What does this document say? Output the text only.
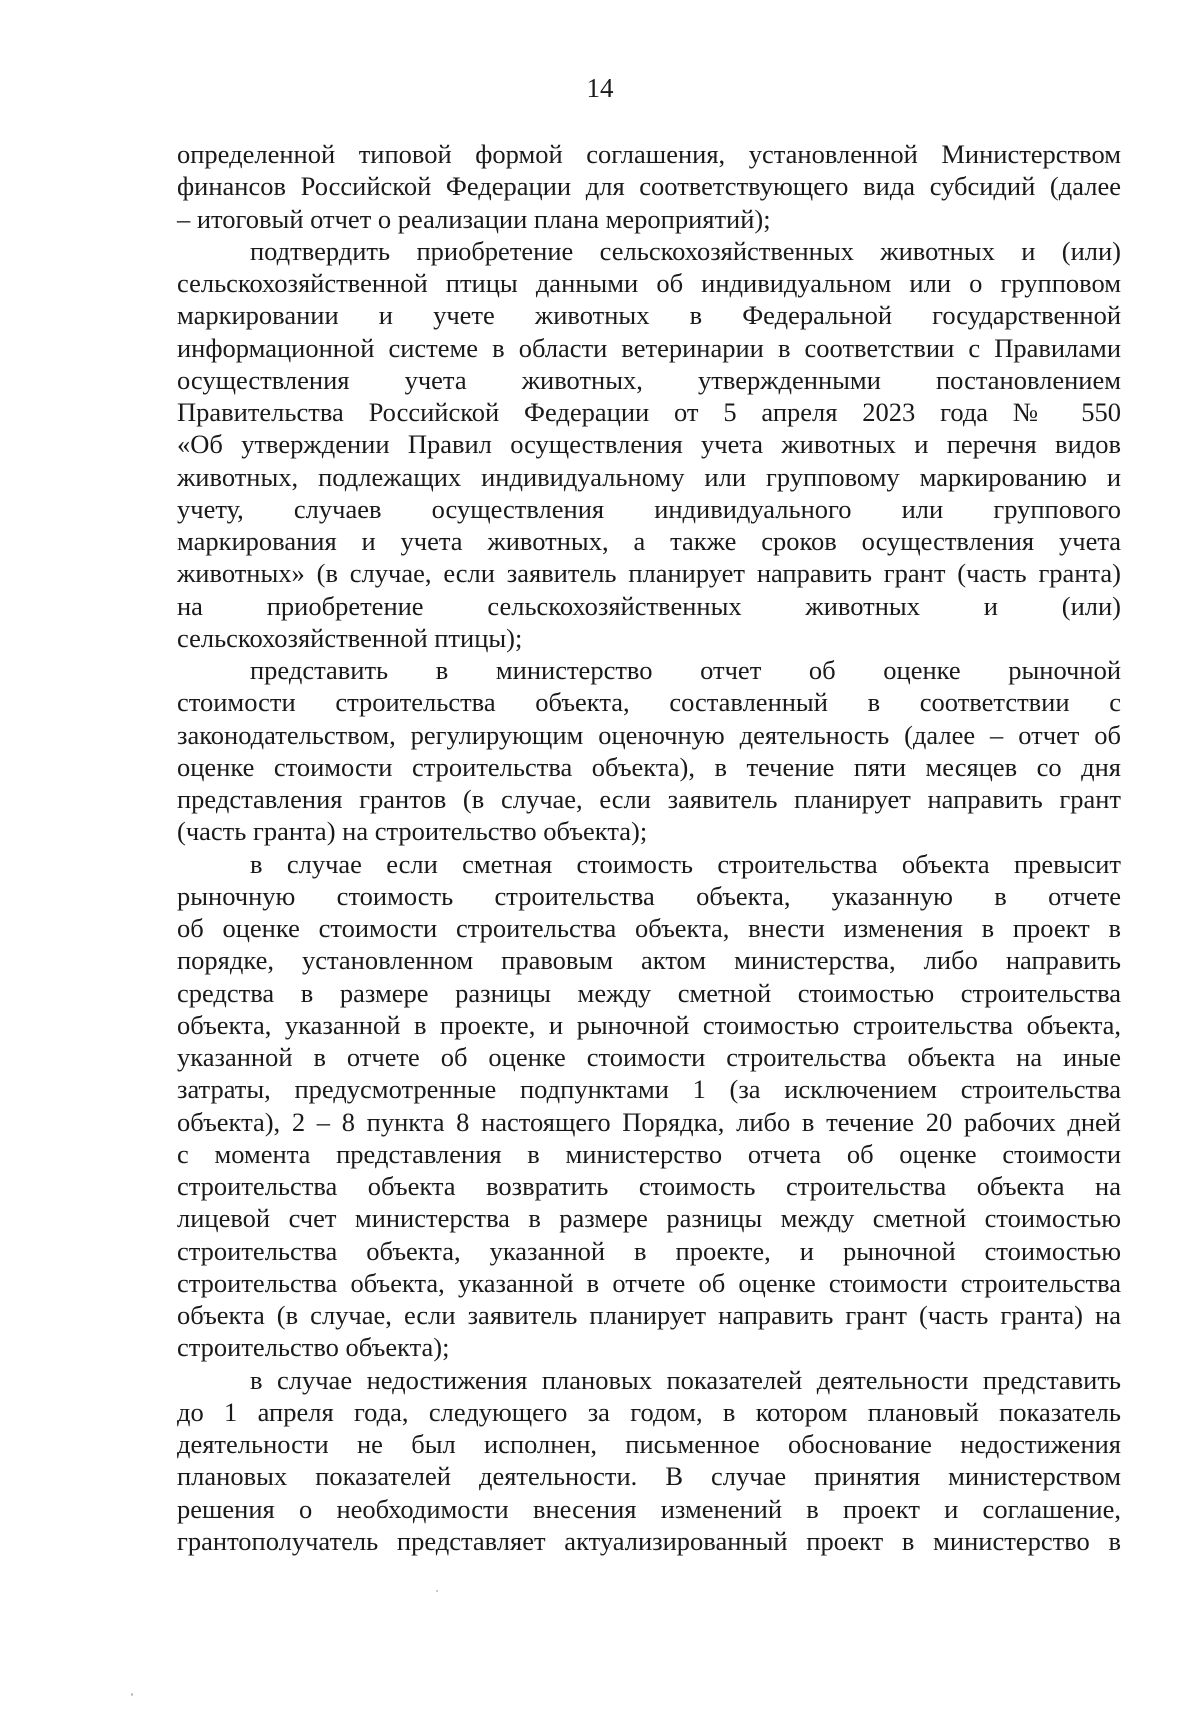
14
определенной типовой формой соглашения, установленной Министерством
финансов Российской Федерации для соответствующего вида субсидий (далее
– итоговый отчет о реализации плана мероприятий);
подтвердить приобретение сельскохозяйственных животных и (или)
сельскохозяйственной птицы данными об индивидуальном или о групповом
маркировании и учете животных в Федеральной государственной
информационной системе в области ветеринарии в соответствии с Правилами
осуществления учета животных, утвержденными постановлением
Правительства Российской Федерации от 5 апреля 2023 года № 550
«Об утверждении Правил осуществления учета животных и перечня видов
животных, подлежащих индивидуальному или групповому маркированию и
учету, случаев осуществления индивидуального или группового
маркирования и учета животных, а также сроков осуществления учета
животных» (в случае, если заявитель планирует направить грант (часть гранта)
на приобретение сельскохозяйственных животных и (или)
сельскохозяйственной птицы);
представить в министерство отчет об оценке рыночной
стоимости строительства объекта, составленный в соответствии с
законодательством, регулирующим оценочную деятельность (далее – отчет об
оценке стоимости строительства объекта), в течение пяти месяцев со дня
представления грантов (в случае, если заявитель планирует направить грант
(часть гранта) на строительство объекта);
в случае если сметная стоимость строительства объекта превысит
рыночную стоимость строительства объекта, указанную в отчете
об оценке стоимости строительства объекта, внести изменения в проект в
порядке, установленном правовым актом министерства, либо направить
средства в размере разницы между сметной стоимостью строительства
объекта, указанной в проекте, и рыночной стоимостью строительства объекта,
указанной в отчете об оценке стоимости строительства объекта на иные
затраты, предусмотренные подпунктами 1 (за исключением строительства
объекта), 2 – 8 пункта 8 настоящего Порядка, либо в течение 20 рабочих дней
с момента представления в министерство отчета об оценке стоимости
строительства объекта возвратить стоимость строительства объекта на
лицевой счет министерства в размере разницы между сметной стоимостью
строительства объекта, указанной в проекте, и рыночной стоимостью
строительства объекта, указанной в отчете об оценке стоимости строительства
объекта (в случае, если заявитель планирует направить грант (часть гранта) на
строительство объекта);
в случае недостижения плановых показателей деятельности представить
до 1 апреля года, следующего за годом, в котором плановый показатель
деятельности не был исполнен, письменное обоснование недостижения
плановых показателей деятельности. В случае принятия министерством
решения о необходимости внесения изменений в проект и соглашение,
грантополучатель представляет актуализированный проект в министерство в
